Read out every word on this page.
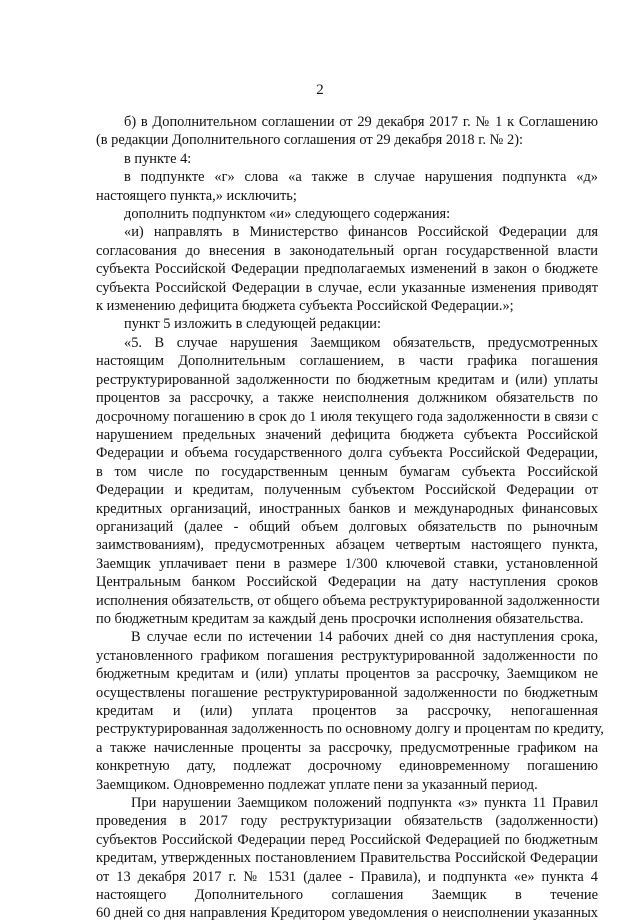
2
б) в Дополнительном соглашении от 29 декабря 2017 г. № 1 к Соглашению
(в редакции Дополнительного соглашения от 29 декабря 2018 г. № 2):
в пункте 4:
в подпункте «г» слова «а также в случае нарушения подпункта «д»
настоящего пункта,» исключить;
дополнить подпунктом «и» следующего содержания:
«и) направлять в Министерство финансов Российской Федерации для
согласования до внесения в законодательный орган государственной власти
субъекта Российской Федерации предполагаемых изменений в закон о бюджете
субъекта Российской Федерации в случае, если указанные изменения приводят
к изменению дефицита бюджета субъекта Российской Федерации.»;
пункт 5 изложить в следующей редакции:
«5. В случае нарушения Заемщиком обязательств, предусмотренных
настоящим Дополнительным соглашением, в части графика погашения
реструктурированной задолженности по бюджетным кредитам и (или) уплаты
процентов за рассрочку, а также неисполнения должником обязательств по
досрочному погашению в срок до 1 июля текущего года задолженности в связи с
нарушением предельных значений дефицита бюджета субъекта Российской
Федерации и объема государственного долга субъекта Российской Федерации,
в том числе по государственным ценным бумагам субъекта Российской
Федерации и кредитам, полученным субъектом Российской Федерации от
кредитных организаций, иностранных банков и международных финансовых
организаций (далее - общий объем долговых обязательств по рыночным
заимствованиям), предусмотренных абзацем четвертым настоящего пункта,
Заемщик уплачивает пени в размере 1/300 ключевой ставки, установленной
Центральным банком Российской Федерации на дату наступления сроков
исполнения обязательств, от общего объема реструктурированной задолженности
по бюджетным кредитам за каждый день просрочки исполнения обязательства.
В случае если по истечении 14 рабочих дней со дня наступления срока,
установленного графиком погашения реструктурированной задолженности по
бюджетным кредитам и (или) уплаты процентов за рассрочку, Заемщиком не
осуществлены погашение реструктурированной задолженности по бюджетным
кредитам и (или) уплата процентов за рассрочку, непогашенная
реструктурированная задолженность по основному долгу и процентам по кредиту,
а также начисленные проценты за рассрочку, предусмотренные графиком на
конкретную дату, подлежат досрочному единовременному погашению
Заемщиком. Одновременно подлежат уплате пени за указанный период.
При нарушении Заемщиком положений подпункта «з» пункта 11 Правил
проведения в 2017 году реструктуризации обязательств (задолженности)
субъектов Российской Федерации перед Российской Федерацией по бюджетным
кредитам, утвержденных постановлением Правительства Российской Федерации
от 13 декабря 2017 г. № 1531 (далее - Правила), и подпункта «е» пункта 4
настоящего Дополнительного соглашения Заемщик в течение
60 дней со дня направления Кредитором уведомления о неисполнении указанных
